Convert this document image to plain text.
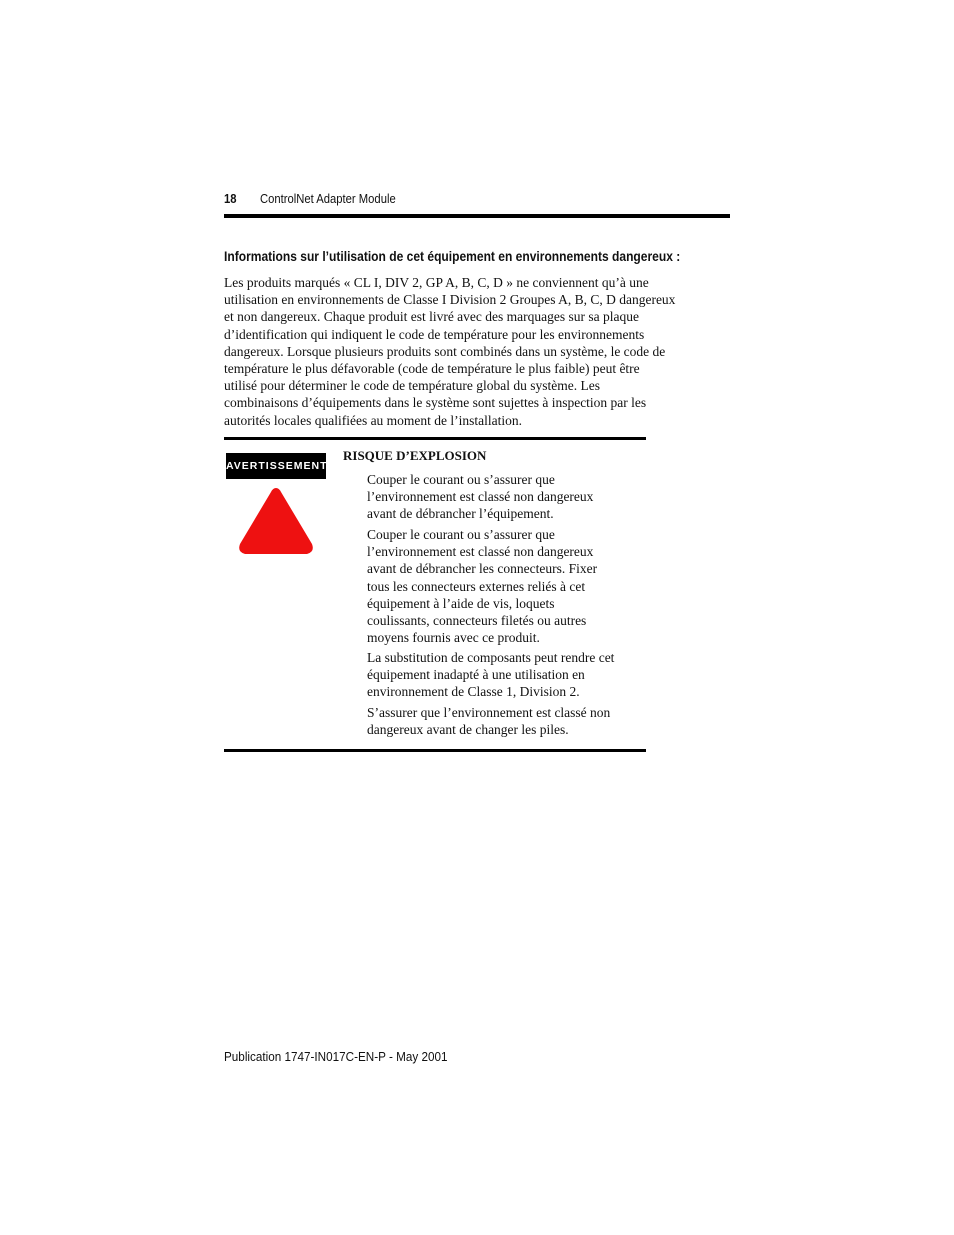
18 ControlNet Adapter Module
Informations sur l’utilisation de cet équipement en environnements dangereux :

Les produits marqués « CL I, DIV 2, GP A, B, C, D » ne conviennent qu’à une
utilisation en environnements de Classe I Division 2 Groupes A, B, C, D dangereux
et non dangereux. Chaque produit est livré avec des marquages sur sa plaque
d’identification qui indiquent le code de température pour les environnements
dangereux. Lorsque plusieurs produits sont combinés dans un système, le code de
température le plus défavorable (code de température le plus faible) peut être
utilisé pour déterminer le code de température global du système. Les
combinaisons d’équipements dans le système sont sujettes à inspection par les
autorités locales qualifiées au moment de l’installation.

AVERTISSEMENT
RISQUE D’EXPLOSION

Couper le courant ou s’assurer que
l’environnement est classé non dangereux
avant de débrancher l’équipement.

Couper le courant ou s’assurer que
l’environnement est classé non dangereux
avant de débrancher les connecteurs. Fixer
tous les connecteurs externes reliés à cet
équipement à l’aide de vis, loquets
coulissants, connecteurs filetés ou autres
moyens fournis avec ce produit.

La substitution de composants peut rendre cet
équipement inadapté à une utilisation en
environnement de Classe 1, Division 2.

S’assurer que l’environnement est classé non
dangereux avant de changer les piles.

Publication 1747-IN017C-EN-P - May 2001
